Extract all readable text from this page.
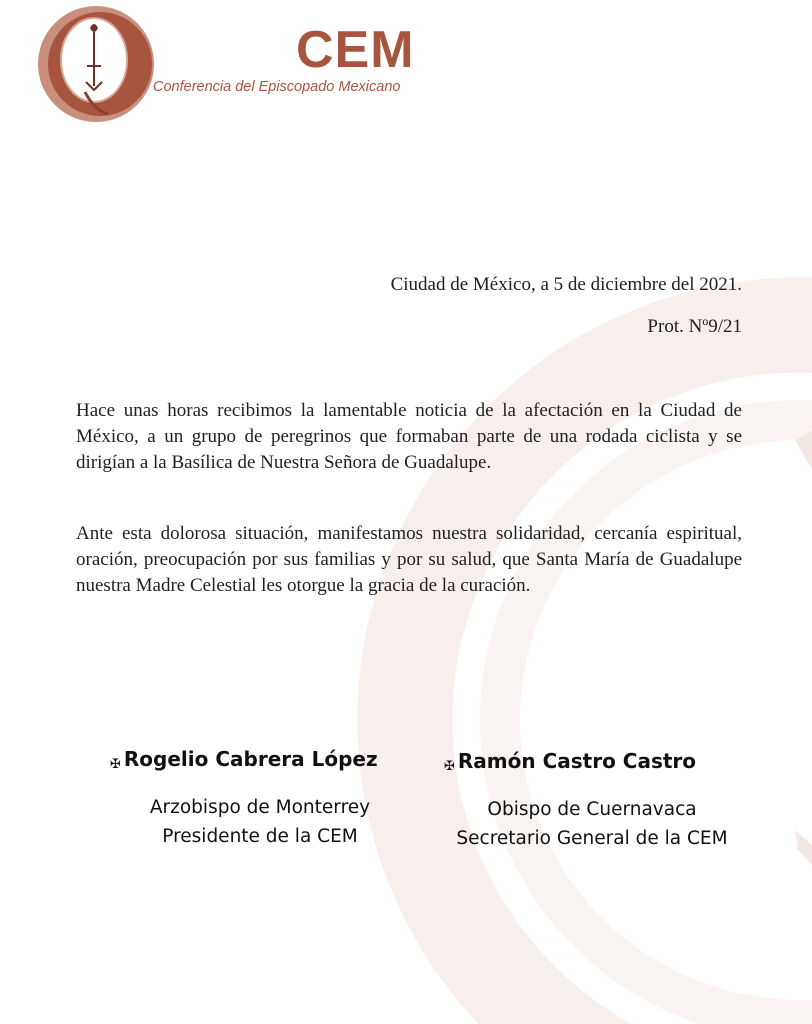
CEM
Conferencia del Episcopado Mexicano
Ciudad de México, a 5 de diciembre del 2021.
Prot. Nº9/21
Hace unas horas recibimos la lamentable noticia de la afectación en la Ciudad de México, a un grupo de peregrinos que formaban parte de una rodada ciclista y se dirigían a la Basílica de Nuestra Señora de Guadalupe.
Ante esta dolorosa situación, manifestamos nuestra solidaridad, cercanía espiritual, oración, preocupación por sus familias y por su salud, que Santa María de Guadalupe nuestra Madre Celestial les otorgue la gracia de la curación.
✠ Rogelio Cabrera López
Arzobispo de Monterrey
Presidente de la CEM
✠ Ramón Castro Castro
Obispo de Cuernavaca
Secretario General de la CEM
